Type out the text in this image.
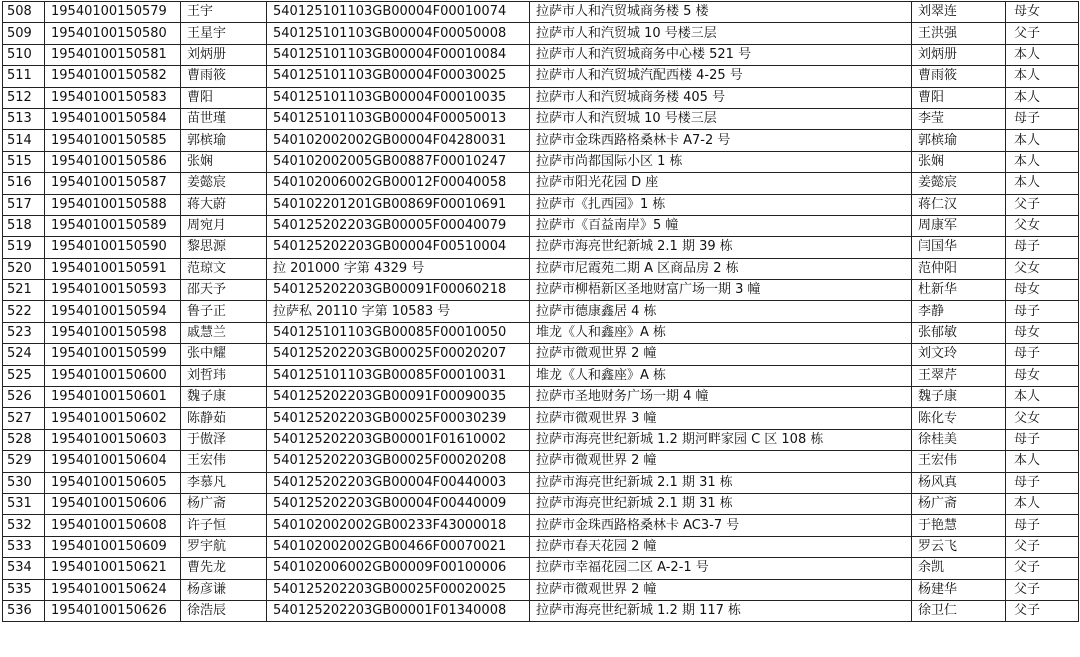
508	19540100150579	王宇	540125101103GB00004F00010074	拉萨市人和汽贸城商务楼 5 楼	刘翠连	母女
509	19540100150580	王星宇	540125101103GB00004F00050008	拉萨市人和汽贸城 10 号楼三层	王洪强	父子
510	19540100150581	刘炳册	540125101103GB00004F00010084	拉萨市人和汽贸城商务中心楼 521 号	刘炳册	本人
511	19540100150582	曹雨筱	540125101103GB00004F00030025	拉萨市人和汽贸城汽配西楼 4-25 号	曹雨筱	本人
512	19540100150583	曹阳	540125101103GB00004F00010035	拉萨市人和汽贸城商务楼 405 号	曹阳	本人
513	19540100150584	苗世瑾	540125101103GB00004F00050013	拉萨市人和汽贸城 10 号楼三层	李莹	母子
514	19540100150585	郭槟瑜	540102002002GB00004F04280031	拉萨市金珠西路格桑林卡 A7-2 号	郭槟瑜	本人
515	19540100150586	张娴	540102002005GB00887F00010247	拉萨市尚都国际小区 1 栋	张娴	本人
516	19540100150587	姜懿宸	540102006002GB00012F00040058	拉萨市阳光花园 D 座	姜懿宸	本人
517	19540100150588	蒋大蔚	540102201201GB00869F00010691	拉萨市《扎西园》1 栋	蒋仁汉	父子
518	19540100150589	周宛月	540125202203GB00005F00040079	拉萨市《百益南岸》5 幢	周康军	父女
519	19540100150590	黎思源	540125202203GB00004F00510004	拉萨市海亮世纪新城 2.1 期 39 栋	闫国华	母子
520	19540100150591	范琼文	拉 201000 字第 4329 号	拉萨市尼霞苑二期 A 区商品房 2 栋	范仲阳	父女
521	19540100150593	邵天予	540125202203GB00091F00060218	拉萨市柳梧新区圣地财富广场一期 3 幢	杜新华	母女
522	19540100150594	鲁子正	拉萨私 20110 字第 10583 号	拉萨市德康鑫居 4 栋	李静	母子
523	19540100150598	戚慧兰	540125101103GB00085F00010050	堆龙《人和鑫座》A 栋	张郁敏	母女
524	19540100150599	张中耀	540125202203GB00025F00020207	拉萨市微观世界 2 幢	刘文玲	母子
525	19540100150600	刘哲玮	540125101103GB00085F00010031	堆龙《人和鑫座》A 栋	王翠芹	母女
526	19540100150601	魏子康	540125202203GB00091F00090035	拉萨市圣地财务广场一期 4 幢	魏子康	本人
527	19540100150602	陈静茹	540125202203GB00025F00030239	拉萨市微观世界 3 幢	陈化专	父女
528	19540100150603	于傲泽	540125202203GB00001F01610002	拉萨市海亮世纪新城 1.2 期河畔家园 C 区 108 栋	徐桂美	母子
529	19540100150604	王宏伟	540125202203GB00025F00020208	拉萨市微观世界 2 幢	王宏伟	本人
530	19540100150605	李慕凡	540125202203GB00004F00440003	拉萨市海亮世纪新城 2.1 期 31 栋	杨风真	母子
531	19540100150606	杨广斋	540125202203GB00004F00440009	拉萨市海亮世纪新城 2.1 期 31 栋	杨广斋	本人
532	19540100150608	许子恒	540102002002GB00233F43000018	拉萨市金珠西路格桑林卡 AC3-7 号	于艳慧	母子
533	19540100150609	罗宇航	540102002002GB00466F00070021	拉萨市春天花园 2 幢	罗云飞	父子
534	19540100150621	曹先龙	540102006002GB00009F00100006	拉萨市幸福花园二区 A-2-1 号	余凯	父子
535	19540100150624	杨彦谦	540125202203GB00025F00020025	拉萨市微观世界 2 幢	杨建华	父子
536	19540100150626	徐浩辰	540125202203GB00001F01340008	拉萨市海亮世纪新城 1.2 期 117 栋	徐卫仁	父子
